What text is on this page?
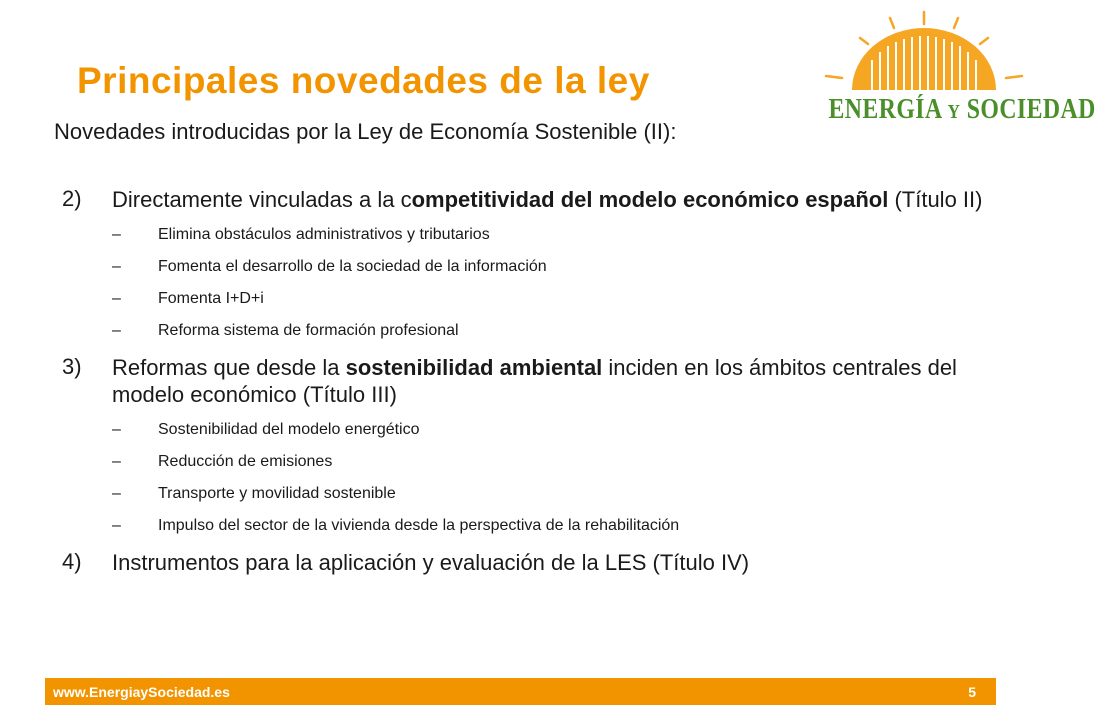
Principales novedades de la ley

Novedades introducidas por la Ley de Economía Sostenible (II):

ENERGÍA Y SOCIEDAD
2) Directamente vinculadas a la competitividad del modelo económico español (Título II)
– Elimina obstáculos administrativos y tributarios
– Fomenta el desarrollo de la sociedad de la información
– Fomenta I+D+i
– Reforma sistema de formación profesional
3) Reformas que desde la sostenibilidad ambiental inciden en los ámbitos centrales del modelo económico (Título III)
– Sostenibilidad del modelo energético
– Reducción de emisiones
– Transporte y movilidad sostenible
– Impulso del sector de la vivienda desde la perspectiva de la rehabilitación
4) Instrumentos para la aplicación y evaluación de la LES (Título IV)
www.EnergiaySociedad.es	5
